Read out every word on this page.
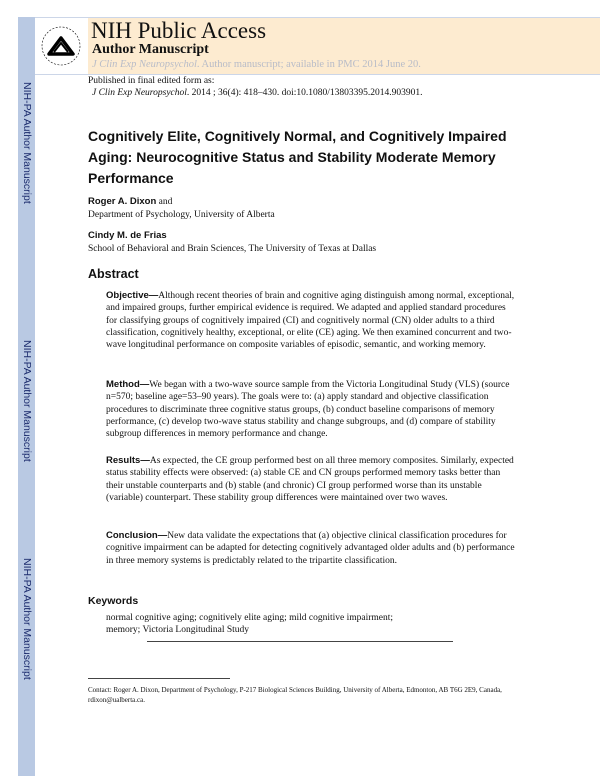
NIH-PA Author Manuscript
NIH-PA Author Manuscript
NIH-PA Author Manuscript
NIH Public Access
Author Manuscript
J Clin Exp Neuropsychol. Author manuscript; available in PMC 2014 June 20.
Published in final edited form as:
J Clin Exp Neuropsychol. 2014 ; 36(4): 418–430. doi:10.1080/13803395.2014.903901.
Cognitively Elite, Cognitively Normal, and Cognitively Impaired Aging: Neurocognitive Status and Stability Moderate Memory Performance
Roger A. Dixon and
Department of Psychology, University of Alberta
Cindy M. de Frias
School of Behavioral and Brain Sciences, The University of Texas at Dallas
Abstract
Objective—Although recent theories of brain and cognitive aging distinguish among normal, exceptional, and impaired groups, further empirical evidence is required. We adapted and applied standard procedures for classifying groups of cognitively impaired (CI) and cognitively normal (CN) older adults to a third classification, cognitively healthy, exceptional, or elite (CE) aging. We then examined concurrent and two-wave longitudinal performance on composite variables of episodic, semantic, and working memory.
Method—We began with a two-wave source sample from the Victoria Longitudinal Study (VLS) (source n=570; baseline age=53–90 years). The goals were to: (a) apply standard and objective classification procedures to discriminate three cognitive status groups, (b) conduct baseline comparisons of memory performance, (c) develop two-wave status stability and change subgroups, and (d) compare of stability subgroup differences in memory performance and change.
Results—As expected, the CE group performed best on all three memory composites. Similarly, expected status stability effects were observed: (a) stable CE and CN groups performed memory tasks better than their unstable counterparts and (b) stable (and chronic) CI group performed worse than its unstable (variable) counterpart. These stability group differences were maintained over two waves.
Conclusion—New data validate the expectations that (a) objective clinical classification procedures for cognitive impairment can be adapted for detecting cognitively advantaged older adults and (b) performance in three memory systems is predictably related to the tripartite classification.
Keywords
normal cognitive aging; cognitively elite aging; mild cognitive impairment; memory; Victoria Longitudinal Study
Contact: Roger A. Dixon, Department of Psychology, P-217 Biological Sciences Building, University of Alberta, Edmonton, AB T6G 2E9, Canada, rdixon@ualberta.ca.
